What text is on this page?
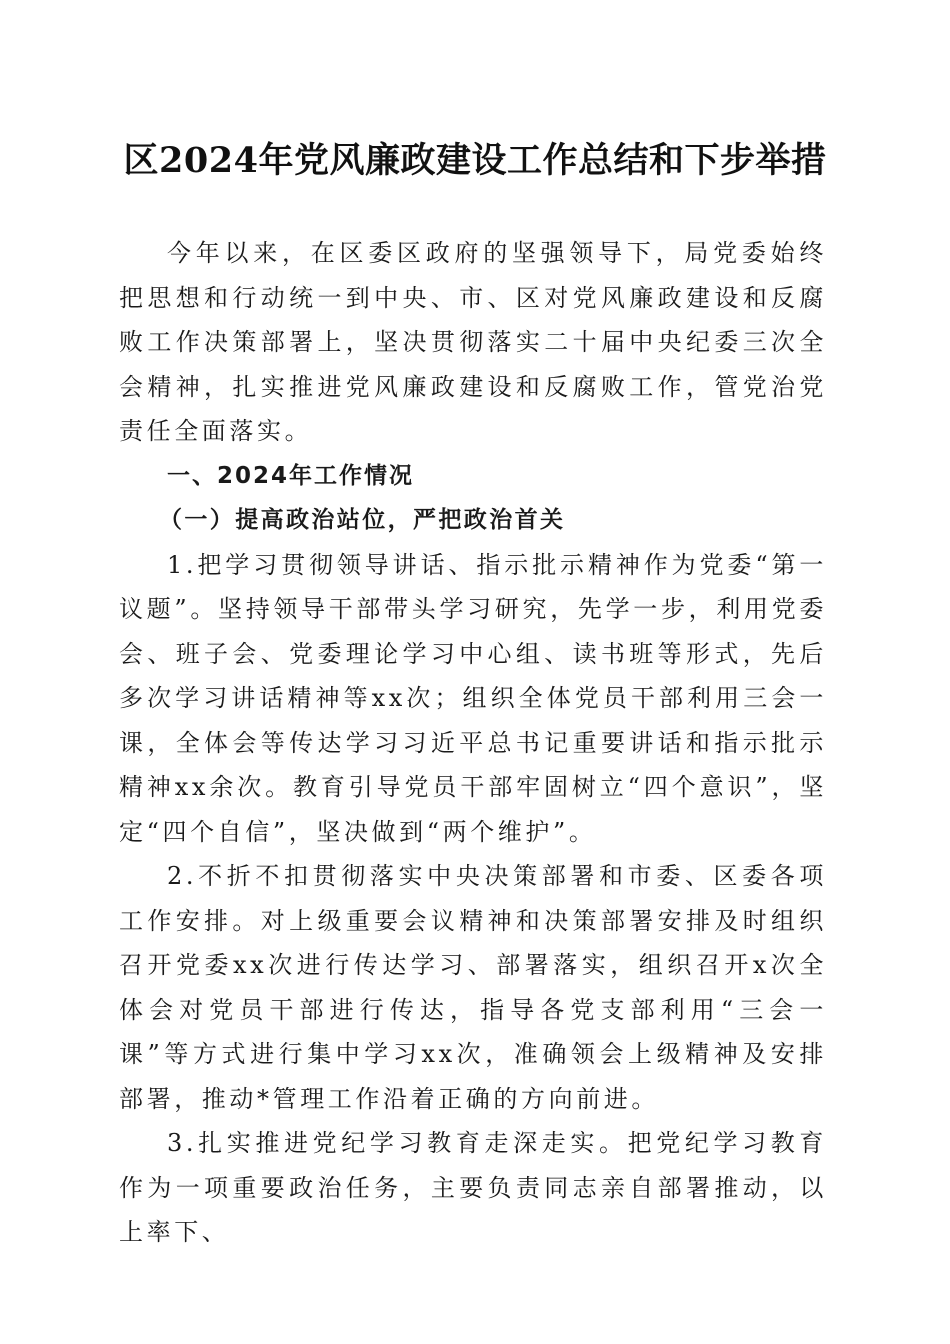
区2024年党风廉政建设工作总结和下步举措

今年以来，在区委区政府的坚强领导下，局党委始终把思想和行动统一到中央、市、区对党风廉政建设和反腐败工作决策部署上，坚决贯彻落实二十届中央纪委三次全会精神，扎实推进党风廉政建设和反腐败工作，管党治党责任全面落实。

一、2024年工作情况

（一）提高政治站位，严把政治首关

1.把学习贯彻领导讲话、指示批示精神作为党委“第一议题”。坚持领导干部带头学习研究，先学一步，利用党委会、班子会、党委理论学习中心组、读书班等形式，先后多次学习讲话精神等xx次；组织全体党员干部利用三会一课，全体会等传达学习习近平总书记重要讲话和指示批示精神xx余次。教育引导党员干部牢固树立“四个意识”，坚定“四个自信”，坚决做到“两个维护”。

2.不折不扣贯彻落实中央决策部署和市委、区委各项工作安排。对上级重要会议精神和决策部署安排及时组织召开党委xx次进行传达学习、部署落实，组织召开x次全体会对党员干部进行传达，指导各党支部利用“三会一课”等方式进行集中学习xx次，准确领会上级精神及安排部署，推动*管理工作沿着正确的方向前进。

3.扎实推进党纪学习教育走深走实。把党纪学习教育作为一项重要政治任务，主要负责同志亲自部署推动，以上率下、
